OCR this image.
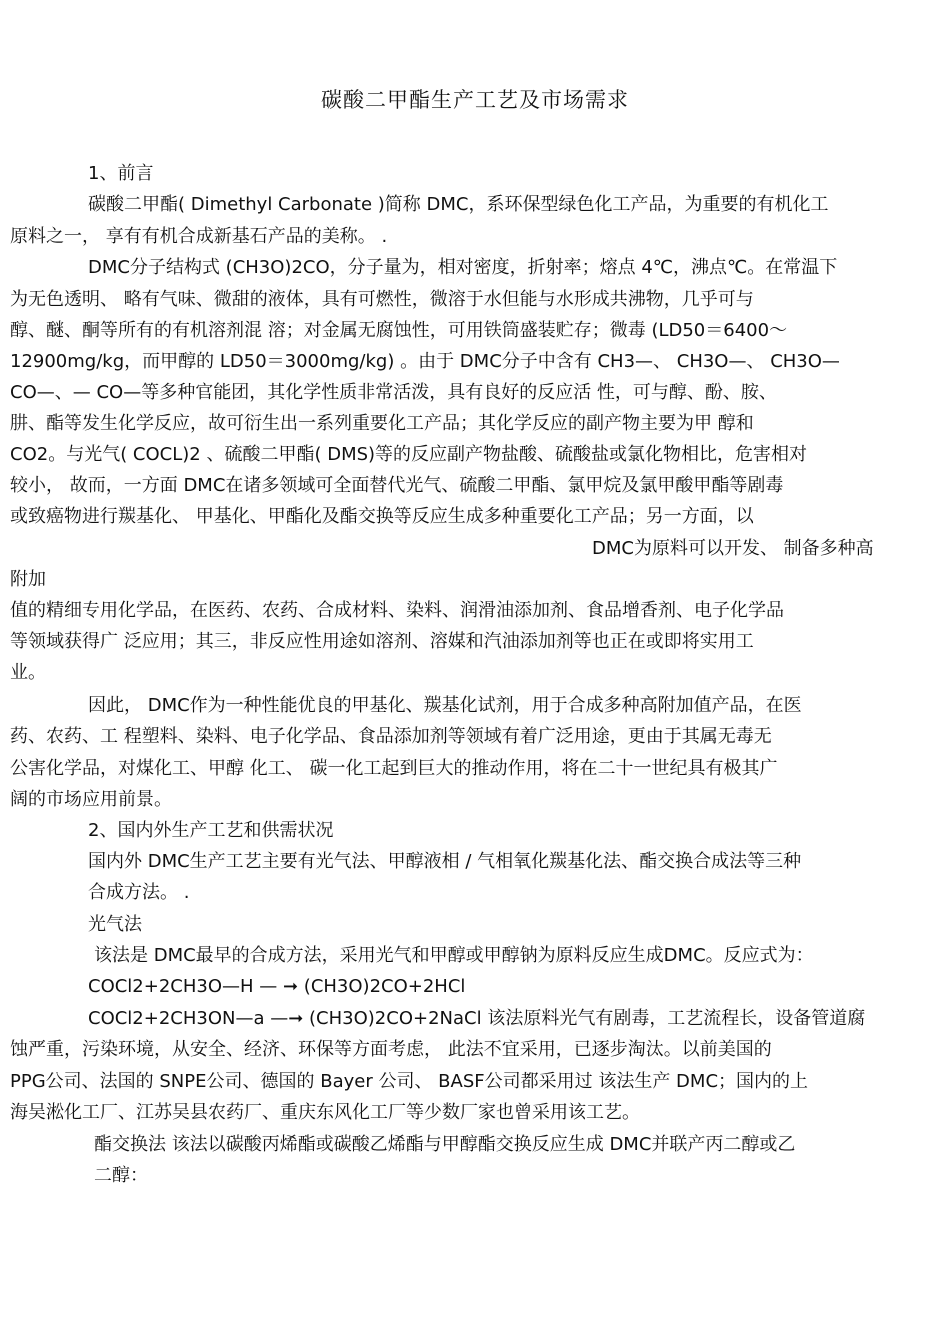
碳酸二甲酯生产工艺及市场需求
1、前言
碳酸二甲酯( Dimethyl Carbonate )简称 DMC，系环保型绿色化工产品，为重要的有机化工
原料之一， 享有有机合成新基石产品的美称。 .
DMC分子结构式 (CH3O)2CO，分子量为，相对密度，折射率；熔点 4℃，沸点℃。在常温下
为无色透明、 略有气味、微甜的液体，具有可燃性，微溶于水但能与水形成共沸物，几乎可与
醇、醚、酮等所有的有机溶剂混 溶；对金属无腐蚀性，可用铁筒盛装贮存；微毒 (LD50＝6400～
12900mg/kg，而甲醇的 LD50＝3000mg/kg) 。由于 DMC分子中含有 CH3—、 CH3O—、 CH3O—
CO—、— CO—等多种官能团，其化学性质非常活泼，具有良好的反应活 性，可与醇、酚、胺、
肼、酯等发生化学反应，故可衍生出一系列重要化工产品；其化学反应的副产物主要为甲 醇和
CO2。与光气( COCL)2 、硫酸二甲酯( DMS)等的反应副产物盐酸、硫酸盐或氯化物相比，危害相对
较小， 故而，一方面 DMC在诸多领域可全面替代光气、硫酸二甲酯、氯甲烷及氯甲酸甲酯等剧毒
或致癌物进行羰基化、 甲基化、甲酯化及酯交换等反应生成多种重要化工产品；另一方面，以
DMC为原料可以开发、 制备多种高
附加
值的精细专用化学品，在医药、农药、合成材料、染料、润滑油添加剂、食品增香剂、电子化学品
等领域获得广 泛应用；其三，非反应性用途如溶剂、溶媒和汽油添加剂等也正在或即将实用工
业。
因此， DMC作为一种性能优良的甲基化、羰基化试剂，用于合成多种高附加值产品，在医
药、农药、工 程塑料、染料、电子化学品、食品添加剂等领域有着广泛用途，更由于其属无毒无
公害化学品，对煤化工、甲醇 化工、 碳一化工起到巨大的推动作用，将在二十一世纪具有极其广
阔的市场应用前景。
2、国内外生产工艺和供需状况
国内外 DMC生产工艺主要有光气法、甲醇液相 / 气相氧化羰基化法、酯交换合成法等三种
合成方法。 .
光气法
该法是 DMC最早的合成方法，采用光气和甲醇或甲醇钠为原料反应生成DMC。反应式为：
COCl2+2CH3O—H — ➞ (CH3O)2CO+2HCl
COCl2+2CH3ON—a —➞ (CH3O)2CO+2NaCl 该法原料光气有剧毒，工艺流程长，设备管道腐
蚀严重，污染环境，从安全、经济、环保等方面考虑， 此法不宜采用，已逐步淘汰。以前美国的
PPG公司、法国的 SNPE公司、德国的 Bayer 公司、 BASF公司都采用过 该法生产 DMC；国内的上
海吴淞化工厂、江苏吴县农药厂、重庆东风化工厂等少数厂家也曾采用该工艺。
酯交换法 该法以碳酸丙烯酯或碳酸乙烯酯与甲醇酯交换反应生成 DMC并联产丙二醇或乙
二醇：
